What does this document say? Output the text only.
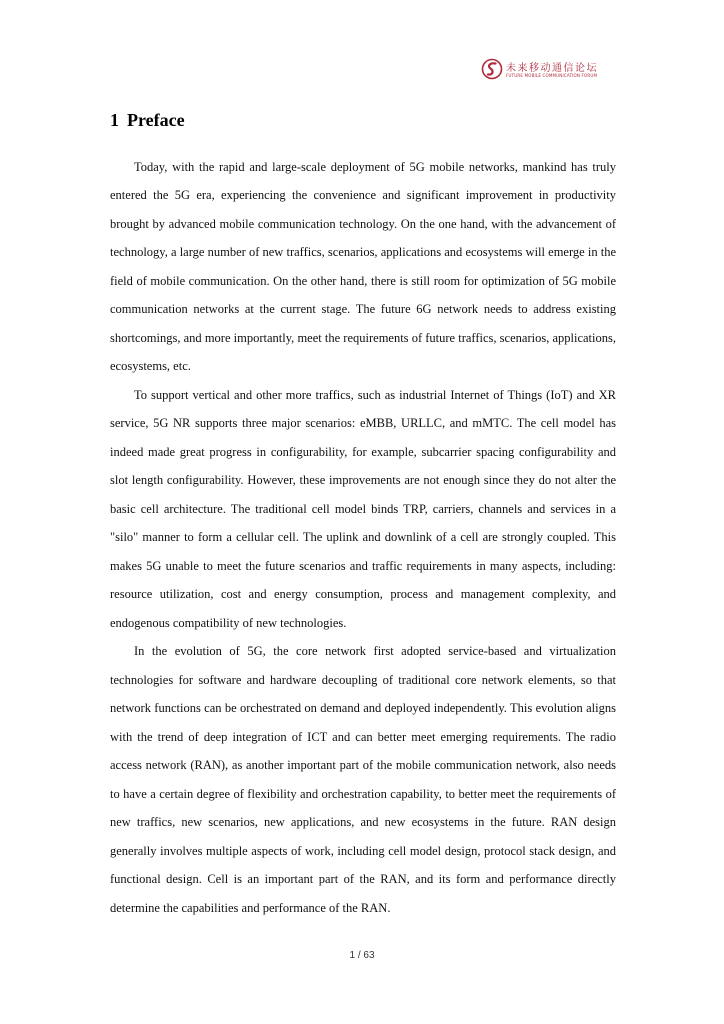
未来移动通信论坛
FUTURE MOBILE COMMUNICATION FORUM
1 Preface

Today, with the rapid and large-scale deployment of 5G mobile networks, mankind has truly entered the 5G era, experiencing the convenience and significant improvement in productivity brought by advanced mobile communication technology. On the one hand, with the advancement of technology, a large number of new traffics, scenarios, applications and ecosystems will emerge in the field of mobile communication. On the other hand, there is still room for optimization of 5G mobile communication networks at the current stage. The future 6G network needs to address existing shortcomings, and more importantly, meet the requirements of future traffics, scenarios, applications, ecosystems, etc.

To support vertical and other more traffics, such as industrial Internet of Things (IoT) and XR service, 5G NR supports three major scenarios: eMBB, URLLC, and mMTC. The cell model has indeed made great progress in configurability, for example, subcarrier spacing configurability and slot length configurability. However, these improvements are not enough since they do not alter the basic cell architecture. The traditional cell model binds TRP, carriers, channels and services in a "silo" manner to form a cellular cell. The uplink and downlink of a cell are strongly coupled. This makes 5G unable to meet the future scenarios and traffic requirements in many aspects, including: resource utilization, cost and energy consumption, process and management complexity, and endogenous compatibility of new technologies.

In the evolution of 5G, the core network first adopted service-based and virtualization technologies for software and hardware decoupling of traditional core network elements, so that network functions can be orchestrated on demand and deployed independently. This evolution aligns with the trend of deep integration of ICT and can better meet emerging requirements. The radio access network (RAN), as another important part of the mobile communication network, also needs to have a certain degree of flexibility and orchestration capability, to better meet the requirements of new traffics, new scenarios, new applications, and new ecosystems in the future. RAN design generally involves multiple aspects of work, including cell model design, protocol stack design, and functional design. Cell is an important part of the RAN, and its form and performance directly determine the capabilities and performance of the RAN.

1 / 63
